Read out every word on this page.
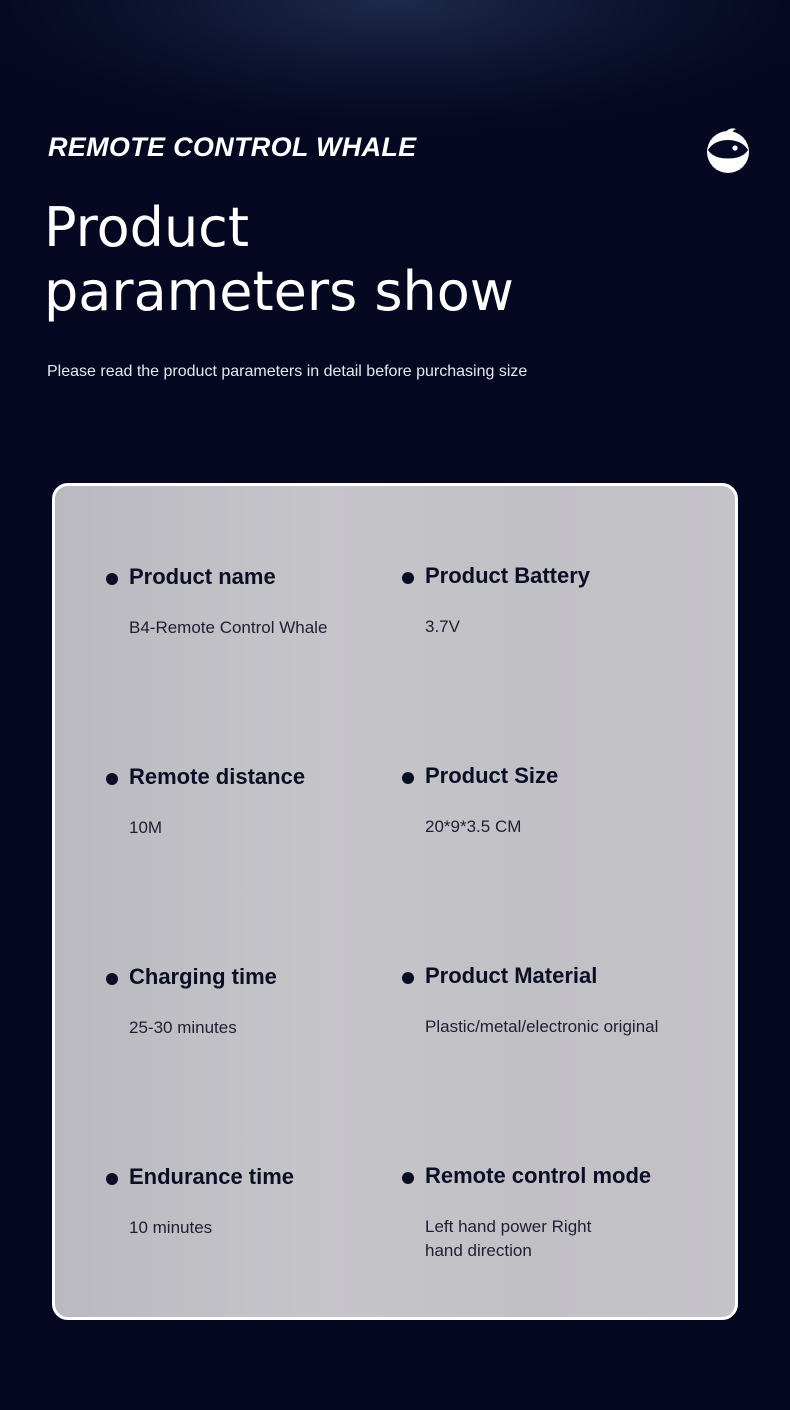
REMOTE CONTROL WHALE
Product
parameters show
Please read the product parameters in detail before purchasing size
Product name
B4-Remote Control Whale
Product Battery
3.7V
Remote distance
10M
Product Size
20*9*3.5 CM
Charging time
25-30 minutes
Product Material
Plastic/metal/electronic original
Endurance time
10 minutes
Remote control mode
Left hand power Right hand direction
